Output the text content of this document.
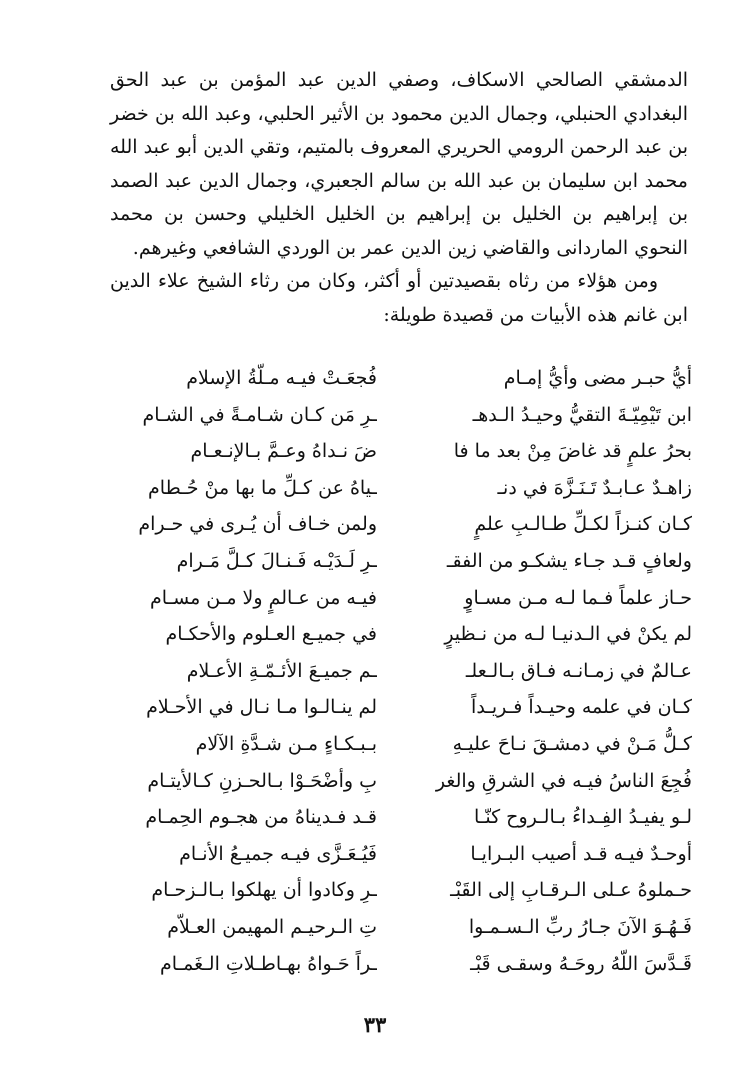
الدمشقي الصالحي الاسكاف، وصفي الدين عبد المؤمن بن عبد الحق البغدادي الحنبلي، وجمال الدين محمود بن الأثير الحلبي، وعبد الله بن خضر بن عبد الرحمن الرومي الحريري المعروف بالمتيم، وتقي الدين أبو عبد الله محمد ابن سليمان بن عبد الله بن سالم الجعبري، وجمال الدين عبد الصمد بن إبراهيم بن الخليل بن إبراهيم بن الخليل الخليلي وحسن بن محمد النحوي الماردانى والقاضي زين الدين عمر بن الوردي الشافعي وغيرهم.

ومن هؤلاء من رثاه بقصيدتين أو أكثر، وكان من رثاء الشيخ علاء الدين ابن غانم هذه الأبيات من قصيدة طويلة:

أيُّ حبـر مضى وأيُّ إمـام
فُجعَـتْ فيـه مـلّةُ الإسلام
ابن تَيْمِيّـةَ التقيُّ وحيـدُ الـدهـ
ـرِ مَن كـان شـامـةً في الشـام
بحرُ علمٍ قد غاضَ مِنْ بعد ما فا
ضَ نـداهُ وعـمَّ بـالإنـعـام
زاهـدٌ عـابـدٌ تَـنَـزَّهَ في دنـ
ـياهُ عن كـلِّ ما بها منْ حُـطام
كـان كنـزاً لكـلِّ طـالـبِ علمٍ
ولمن خـاف أن يُـرى في حـرام
ولعافٍ قـد جـاء يشكـو من الفقـ
ـرِ لَـدَيْـه فَـنـالَ كـلَّ مَـرام
حـاز علماً فـما لـه مـن مسـاوٍ
فيـه من عـالمٍ ولا مـن مسـام
لم يكنْ في الـدنيـا لـه من نـظيرٍ
في جميـع العـلوم والأحكـام
عـالمٌ في زمـانـه فـاق بـالـعلـ
ـم جميـعَ الأئـمّـةِ الأعـلام
كـان في علمه وحيـداً فـريـداً
لم ينـالـوا مـا نـال في الأحـلام
كـلُّ مَـنْ في دمشـقَ نـاحَ عليـهِ
بـبـكـاءٍ مـن شـدَّةِ الآلام
فُجِعَ الناسُ فيـه في الشرقِ والغر
بِ وأضْحَـوْا بـالحـزنِ كـالأيتـام
لـو يفيـدُ الفِـداءُ بـالـروح كنّـا
قـد فـديناهُ من هجـوم الحِمـام
أوحـدٌ فيـه قـد أصيب البـرايـا
فَيُـعَـزَّى فيـه جميـعُ الأنـام
حـملوهُ عـلى الـرقـابِ إلى القَبْـ
ـرِ وكادوا أن يهلكوا بـالـزحـام
فَـهُـوَ الآنَ جـارُ ربِّ الـسـمـوا
تِ الـرحيـم المهيمن العـلاّم
قَـدَّسَ اللّهُ روحَـهُ وسقـى قَبْـ
ـراً حَـواهُ بهـاطـلاتِ الـغَمـام
٣٣
